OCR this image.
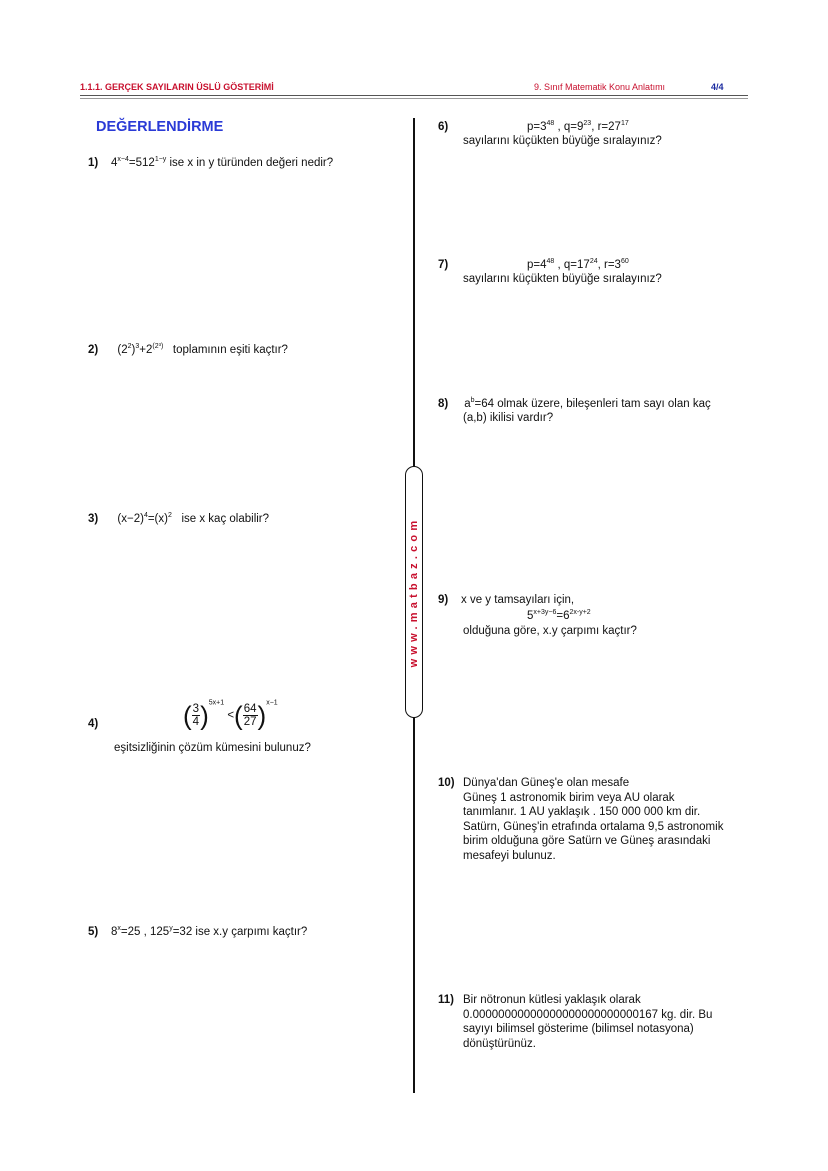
1.1.1. GERÇEK SAYILARIN ÜSLÜ GÖSTERİMİ	9. Sınıf Matematik Konu Anlatımı	4/4
DEĞERLENDİRME
www.matbaz.com
1) $4^{x-4}=512^{1-y}$ ise x in y türünden değeri nedir?
2) $(2^2)^3+2^{(2^3)}$ toplamının eşiti kaçtır?
3) $(x-2)^4=(x)^2$ ise x kaç olabilir?
4)	( $\frac{3}{4} )^{5x+1}$ <( $\frac{64}{27} )^{x-1}$
eşitsizliğinin çözüm kümesini bulunuz?
5) $8^x=25$ , $125^y=32$ ise x.y çarpımı kaçtır?
6)	$p=3^{48}$ , $q=9^{23}$, $r=27^{17}$
sayılarını küçükten büyüğe sıralayınız?
7)	$p=4^{48}$ , $q=17^{24}$, $r=3^{60}$
sayılarını küçükten büyüğe sıralayınız?
8) $a^b=64$ olmak üzere, bileşenleri tam sayı olan kaç
(a,b) ikilisi vardır?
9) x ve y tamsayıları için,
$5^{x+3y-6}=6^{2x-y+2}$
olduğuna göre, x.y çarpımı kaçtır?
10) Dünya'dan Güneş'e olan mesafe
Güneş 1 astronomik birim veya AU olarak
tanımlanır. 1 AU yaklaşık . 150 000 000 km dir.
Satürn, Güneş'in etrafında ortalama 9,5 astronomik
birim olduğuna göre Satürn ve Güneş arasındaki
mesafeyi bulunuz.
11) Bir nötronun kütlesi yaklaşık olarak
0.00000000000000000000000000167 kg. dir. Bu
sayıyı bilimsel gösterime (bilimsel notasyona)
dönüştürünüz.
